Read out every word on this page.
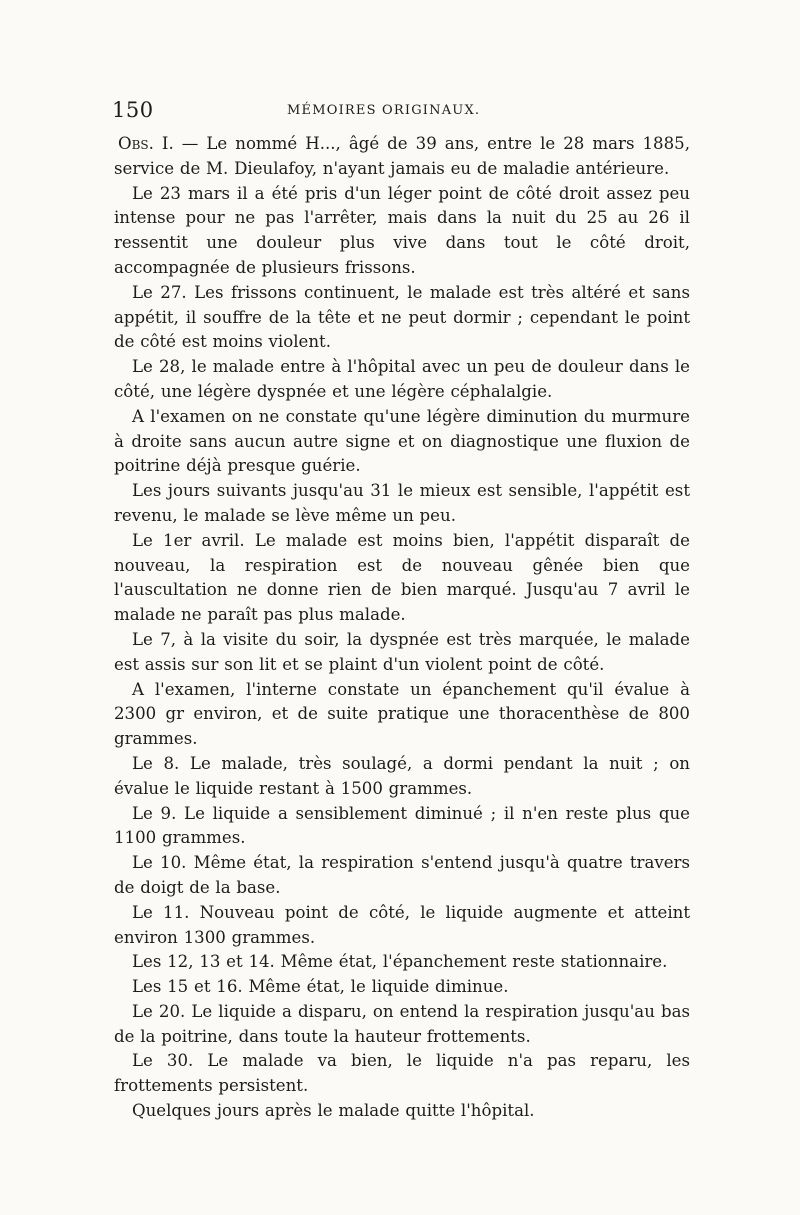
150	MÉMOIRES ORIGINAUX.

Obs. I. — Le nommé H..., âgé de 39 ans, entre le 28 mars 1885, service de M. Dieulafoy, n'ayant jamais eu de maladie antérieure.

Le 23 mars il a été pris d'un léger point de côté droit assez peu intense pour ne pas l'arrêter, mais dans la nuit du 25 au 26 il ressentit une douleur plus vive dans tout le côté droit, accompagnée de plusieurs frissons.

Le 27. Les frissons continuent, le malade est très altéré et sans appétit, il souffre de la tête et ne peut dormir ; cependant le point de côté est moins violent.

Le 28, le malade entre à l'hôpital avec un peu de douleur dans le côté, une légère dyspnée et une légère céphalalgie.

A l'examen on ne constate qu'une légère diminution du murmure à droite sans aucun autre signe et on diagnostique une fluxion de poitrine déjà presque guérie.

Les jours suivants jusqu'au 31 le mieux est sensible, l'appétit est revenu, le malade se lève même un peu.

Le 1er avril. Le malade est moins bien, l'appétit disparaît de nouveau, la respiration est de nouveau gênée bien que l'auscultation ne donne rien de bien marqué. Jusqu'au 7 avril le malade ne paraît pas plus malade.

Le 7, à la visite du soir, la dyspnée est très marquée, le malade est assis sur son lit et se plaint d'un violent point de côté.

A l'examen, l'interne constate un épanchement qu'il évalue à 2300 gr environ, et de suite pratique une thoracenthèse de 800 grammes.

Le 8. Le malade, très soulagé, a dormi pendant la nuit ; on évalue le liquide restant à 1500 grammes.

Le 9. Le liquide a sensiblement diminué ; il n'en reste plus que 1100 grammes.

Le 10. Même état, la respiration s'entend jusqu'à quatre travers de doigt de la base.

Le 11. Nouveau point de côté, le liquide augmente et atteint environ 1300 grammes.

Les 12, 13 et 14. Même état, l'épanchement reste stationnaire.

Les 15 et 16. Même état, le liquide diminue.

Le 20. Le liquide a disparu, on entend la respiration jusqu'au bas de la poitrine, dans toute la hauteur frottements.

Le 30. Le malade va bien, le liquide n'a pas reparu, les frottements persistent.

Quelques jours après le malade quitte l'hôpital.
